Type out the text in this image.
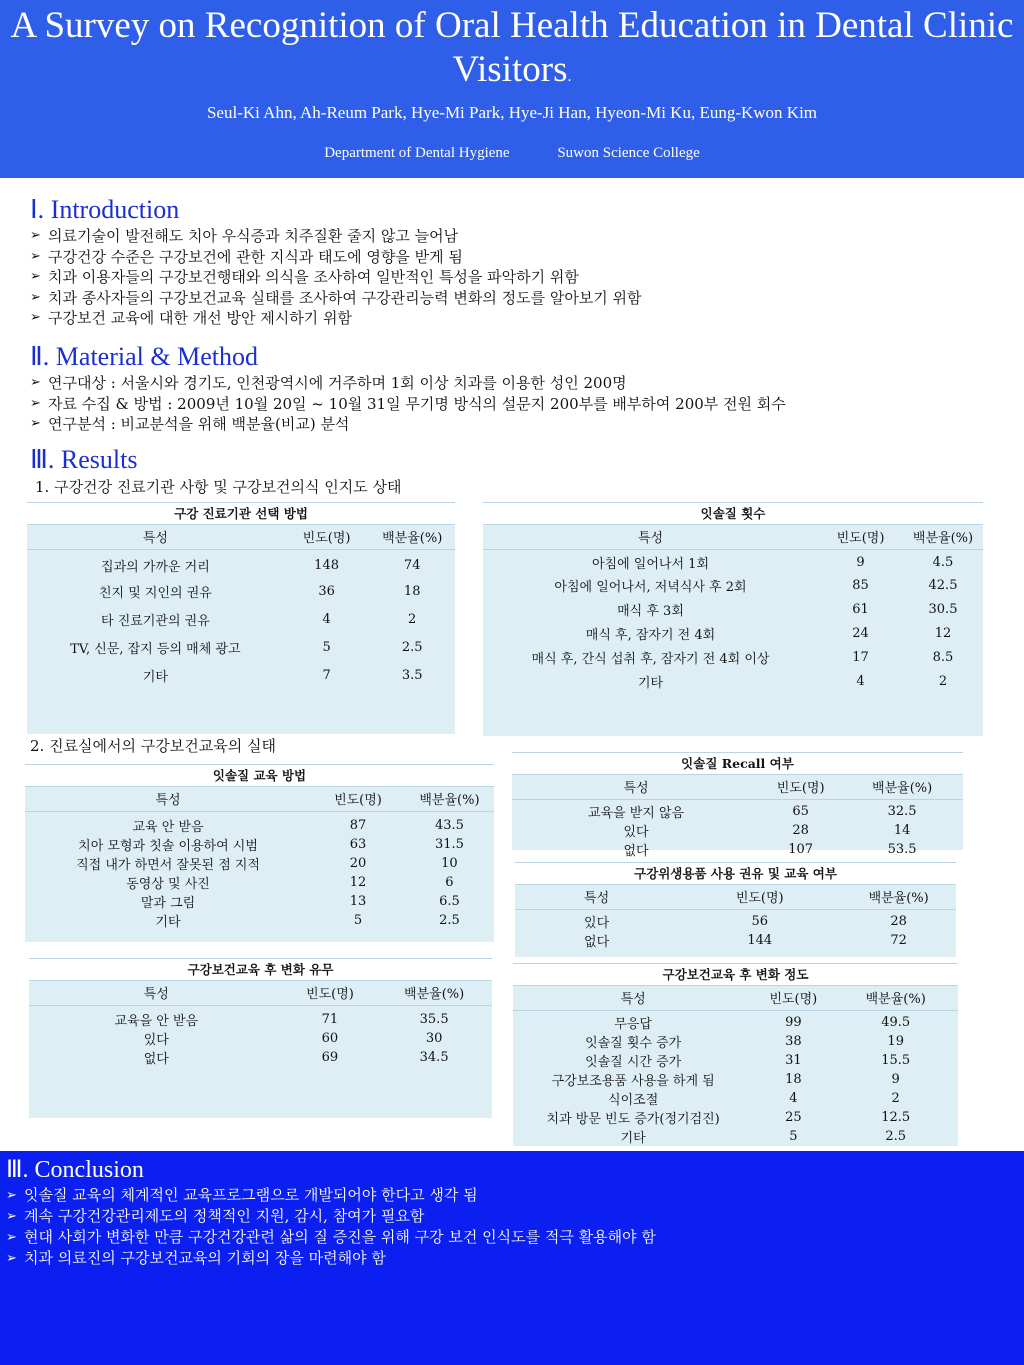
A Survey on Recognition of Oral Health Education in Dental Clinic Visitors.
Seul-Ki Ahn, Ah-Reum Park, Hye-Mi Park, Hye-Ji Han, Hyeon-Mi Ku, Eung-Kwon Kim
Department of Dental Hygiene	Suwon Science College
Ⅰ. Introduction
➢ 의료기술이 발전해도 치아 우식증과 치주질환 줄지 않고 늘어남
➢ 구강건강 수준은 구강보건에 관한 지식과 태도에 영향을 받게 됨
➢ 치과 이용자들의 구강보건행태와 의식을 조사하여 일반적인 특성을 파악하기 위함
➢ 치과 종사자들의 구강보건교육 실태를 조사하여 구강관리능력 변화의 정도를 알아보기 위함
➢ 구강보건 교육에 대한 개선 방안 제시하기 위함
Ⅱ. Material & Method
➢ 연구대상 : 서울시와 경기도, 인천광역시에 거주하며 1회 이상 치과를 이용한 성인 200명
➢ 자료 수집 & 방법 : 2009년 10월 20일 ~ 10월 31일 무기명 방식의 설문지 200부를 배부하여 200부 전원 회수
➢ 연구분석 : 비교분석을 위해 백분율(비교) 분석
Ⅲ. Results
1. 구강건강 진료기관 사항 및 구강보건의식 인지도 상태
2. 진료실에서의 구강보건교육의 실태
구강 진료기관 선택 방법
특성	빈도(명)	백분율(%)
집과의 가까운 거리	148	74
친지 및 지인의 권유	36	18
타 진료기관의 권유	4	2
TV, 신문, 잡지 등의 매체 광고	5	2.5
기타	7	3.5
잇솔질 횟수
특성	빈도(명)	백분율(%)
아침에 일어나서 1회	9	4.5
아침에 일어나서, 저녁식사 후 2회	85	42.5
매식 후 3회	61	30.5
매식 후, 잠자기 전 4회	24	12
매식 후, 간식 섭취 후, 잠자기 전 4회 이상	17	8.5
기타	4	2
잇솔질 교육 방법
특성	빈도(명)	백분율(%)
교육 안 받음	87	43.5
치아 모형과 칫솔 이용하여 시범	63	31.5
직접 내가 하면서 잘못된 점 지적	20	10
동영상 및 사진	12	6
말과 그림	13	6.5
기타	5	2.5
잇솔질 Recall 여부
특성	빈도(명)	백분율(%)
교육을 받지 않음	65	32.5
있다	28	14
없다	107	53.5
구강위생용품 사용 권유 및 교육 여부
특성	빈도(명)	백분율(%)
있다	56	28
없다	144	72
구강보건교육 후 변화 유무
특성	빈도(명)	백분율(%)
교육을 안 받음	71	35.5
있다	60	30
없다	69	34.5
구강보건교육 후 변화 정도
특성	빈도(명)	백분율(%)
무응답	99	49.5
잇솔질 횟수 증가	38	19
잇솔질 시간 증가	31	15.5
구강보조용품 사용을 하게 됨	18	9
식이조절	4	2
치과 방문 빈도 증가(정기검진)	25	12.5
기타	5	2.5
Ⅲ. Conclusion
➢ 잇솔질 교육의 체계적인 교육프로그램으로 개발되어야 한다고 생각 됨
➢ 계속 구강건강관리제도의 정책적인 지원, 감시, 참여가 필요함
➢ 현대 사회가 변화한 만큼 구강건강관련 삶의 질 증진을 위해 구강 보건 인식도를 적극 활용해야 함
➢ 치과 의료진의 구강보건교육의 기회의 장을 마련해야 함
